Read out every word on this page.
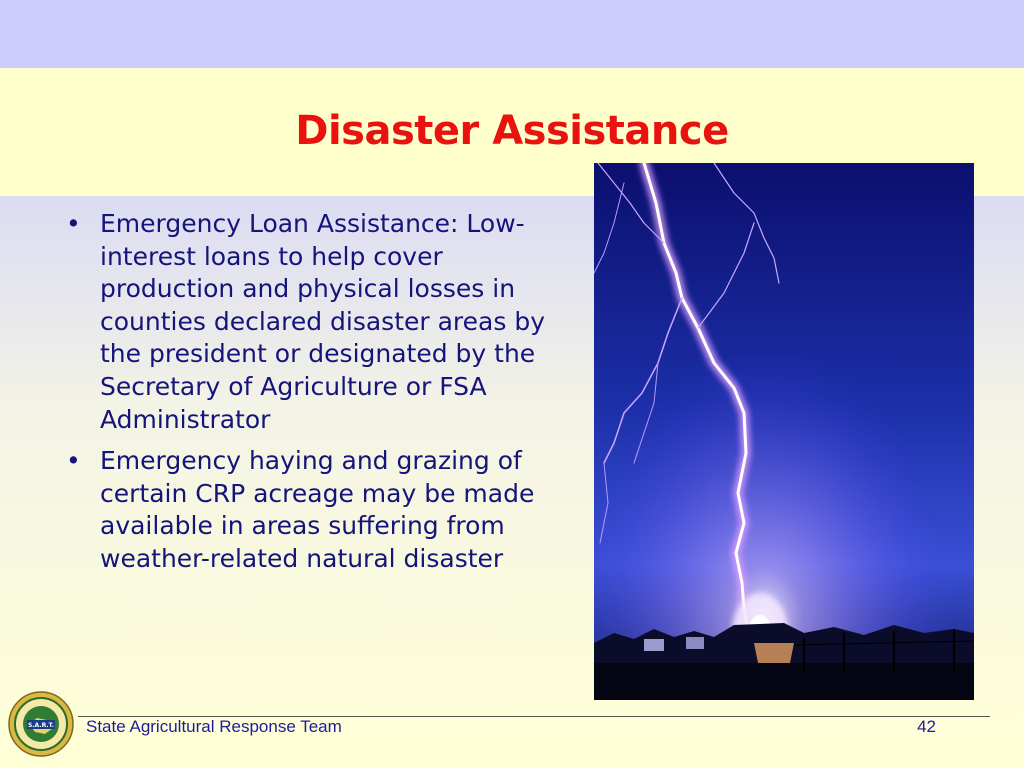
Disaster Assistance
• Emergency Loan Assistance: Low-interest loans to help cover production and physical losses in counties declared disaster areas by the president or designated by the Secretary of Agriculture or FSA Administrator
• Emergency haying and grazing of certain CRP acreage may be made available in areas suffering from weather-related natural disaster
State Agricultural Response Team	42
S.A.R.T.
